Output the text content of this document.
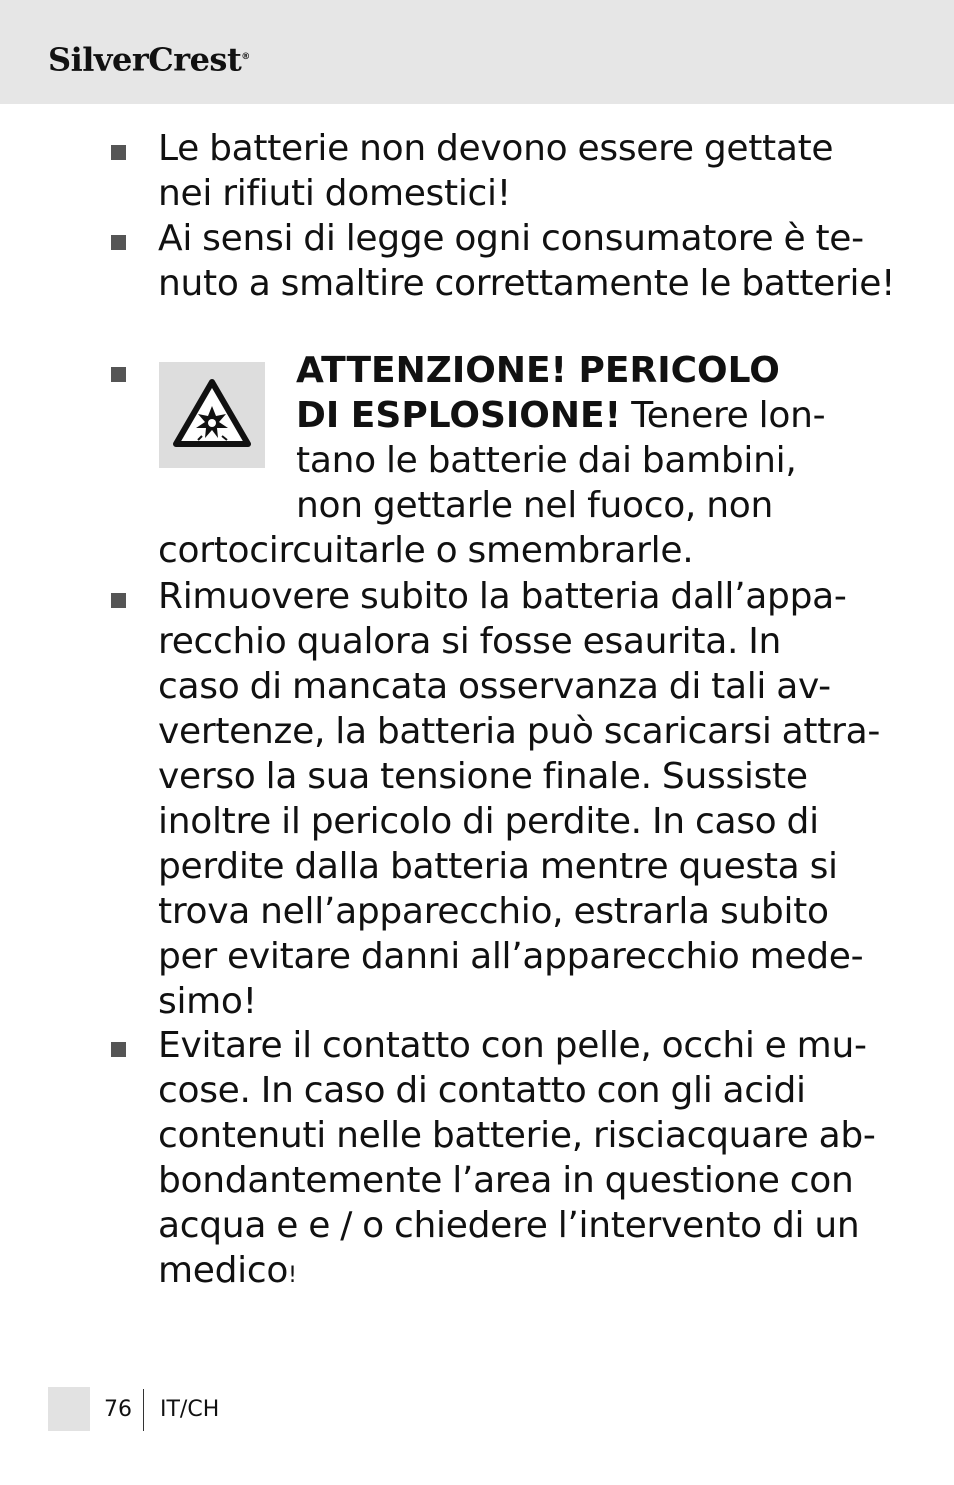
SilverCrest®
Le batterie non devono essere gettate
nei rifiuti domestici!
Ai sensi di legge ogni consumatore è te-
nuto a smaltire correttamente le batterie!
ATTENZIONE! PERICOLO
DI ESPLOSIONE! Tenere lon-
tano le batterie dai bambini,
non gettarle nel fuoco, non
cortocircuitarle o smembrarle.
Rimuovere subito la batteria dall’appa-
recchio qualora si fosse esaurita. In
caso di mancata osservanza di tali av-
vertenze, la batteria può scaricarsi attra-
verso la sua tensione finale. Sussiste
inoltre il pericolo di perdite. In caso di
perdite dalla batteria mentre questa si
trova nell’apparecchio, estrarla subito
per evitare danni all’apparecchio mede-
simo!
Evitare il contatto con pelle, occhi e mu-
cose. In caso di contatto con gli acidi
contenuti nelle batterie, risciacquare ab-
bondantemente l’area in questione con
acqua e e / o chiedere l’intervento di un
medico!
76 IT/CH
